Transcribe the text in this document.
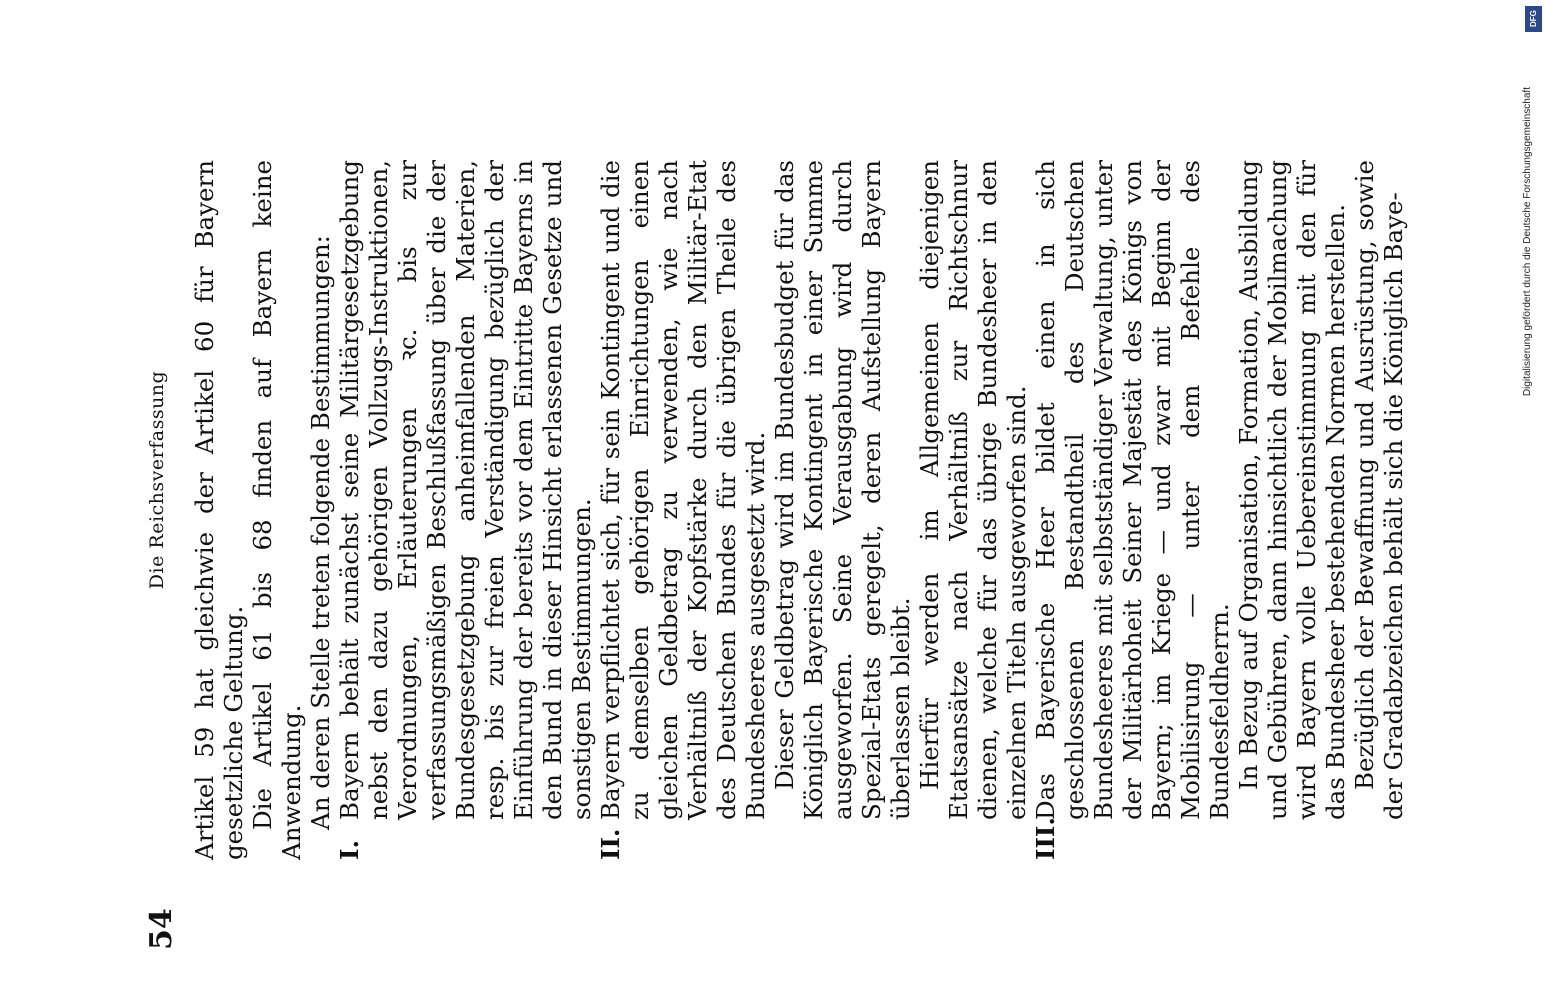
54
Die Reichsverfassung Artikel 59 hat gleichwie der Artikel 60 für Bayern gesetzliche Geltung. Die Artikel 61 bis 68 finden auf Bayern keine Anwendung. An deren Stelle treten folgende Bestimmungen:

I.Bayern behält zunächst seine Militärgesetzgebung nebst den dazu gehörigen Vollzugs-Instruktionen, Verordnungen, Erläuterungen ꝛc. bis zur verfassungsmäßigen Beschlußfassung über die der Bundesgesetzgebung anheimfallenden Materien, resp. bis zur freien Verständigung bezüglich der Einführung der bereits vor dem Eintritte Bayerns in den Bund in dieser Hinsicht erlassenen Gesetze und sonstigen Bestimmungen.

II.Bayern verpflichtet sich, für sein Kontingent und die zu demselben gehörigen Einrichtungen einen gleichen Geldbetrag zu verwenden, wie nach Verhältniß der Kopfstärke durch den Militär-Etat des Deutschen Bundes für die übrigen Theile des Bundesheeres ausgesetzt wird. Dieser Geldbetrag wird im Bundesbudget für das Königlich Bayerische Kontingent in einer Summe ausgeworfen. Seine Verausgabung wird durch Spezial-Etats geregelt, deren Aufstellung Bayern überlassen bleibt. Hierfür werden im Allgemeinen diejenigen Etatsansätze nach Verhältniß zur Richtschnur dienen, welche für das übrige Bundesheer in den einzelnen Titeln ausgeworfen sind.

III.Das Bayerische Heer bildet einen in sich geschlossenen Bestandtheil des Deutschen Bundesheeres mit selbstständiger Verwaltung, unter der Militärhoheit Seiner Majestät des Königs von Bayern; im Kriege — und zwar mit Beginn der Mobilisirung — unter dem Befehle des Bundesfeldherrn. In Bezug auf Organisation, Formation, Ausbildung und Gebühren, dann hinsichtlich der Mobilmachung wird Bayern volle Uebereinstimmung mit den für das Bundesheer bestehenden Normen herstellen. Bezüglich der Bewaffnung und Ausrüstung, sowie der Gradabzeichen behält sich die Königlich Baye-	Digitalisierung gefördert durch die Deutsche Forschungsgemeinschaft
DFG
